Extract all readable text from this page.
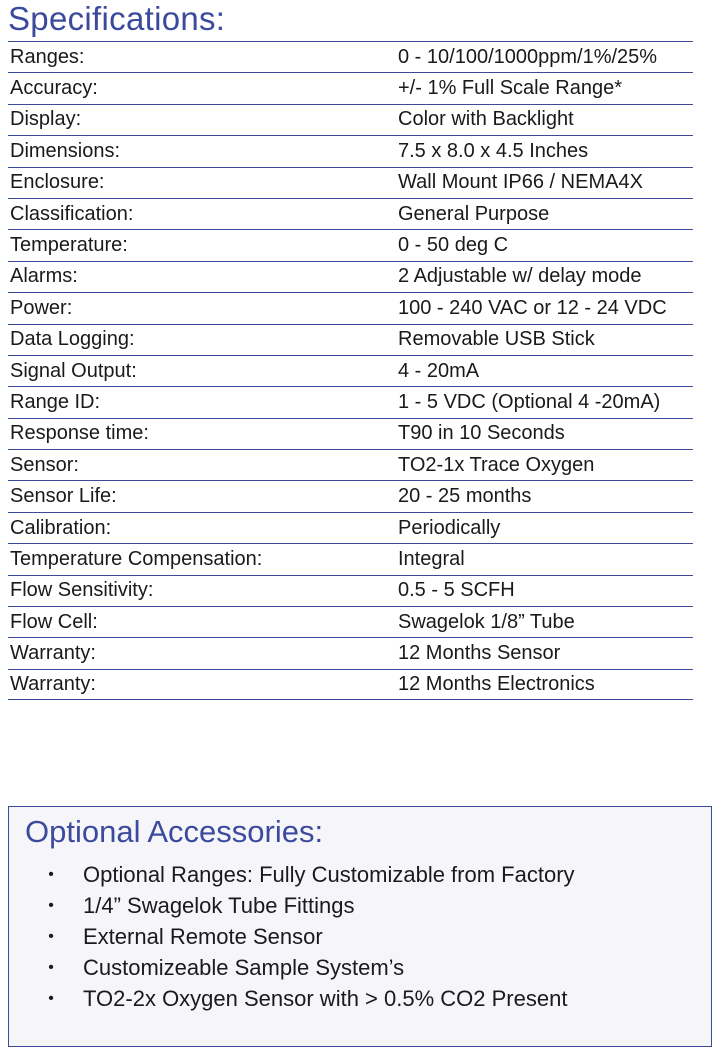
Specifications:
Ranges:	0 - 10/100/1000ppm/1%/25%
Accuracy:	+/- 1% Full Scale Range*
Display:	Color with Backlight
Dimensions:	7.5 x 8.0 x 4.5 Inches
Enclosure:	Wall Mount IP66 / NEMA4X
Classification:	General Purpose
Temperature:	0 - 50 deg C
Alarms:	2 Adjustable w/ delay mode
Power:	100 - 240 VAC or 12 - 24 VDC
Data Logging:	Removable USB Stick
Signal Output:	4 - 20mA
Range ID:	1 - 5 VDC (Optional 4 -20mA)
Response time:	T90 in 10 Seconds
Sensor:	TO2-1x Trace Oxygen
Sensor Life:	20 - 25 months
Calibration:	Periodically
Temperature Compensation:	Integral
Flow Sensitivity:	0.5 - 5 SCFH
Flow Cell:	Swagelok 1/8” Tube
Warranty:	12 Months Sensor
Warranty:	12 Months Electronics
Optional Accessories:
•	Optional Ranges: Fully Customizable from Factory
•	1/4” Swagelok Tube Fittings
•	External Remote Sensor
•	Customizeable Sample System’s
•	TO2-2x Oxygen Sensor with > 0.5% CO2 Present
